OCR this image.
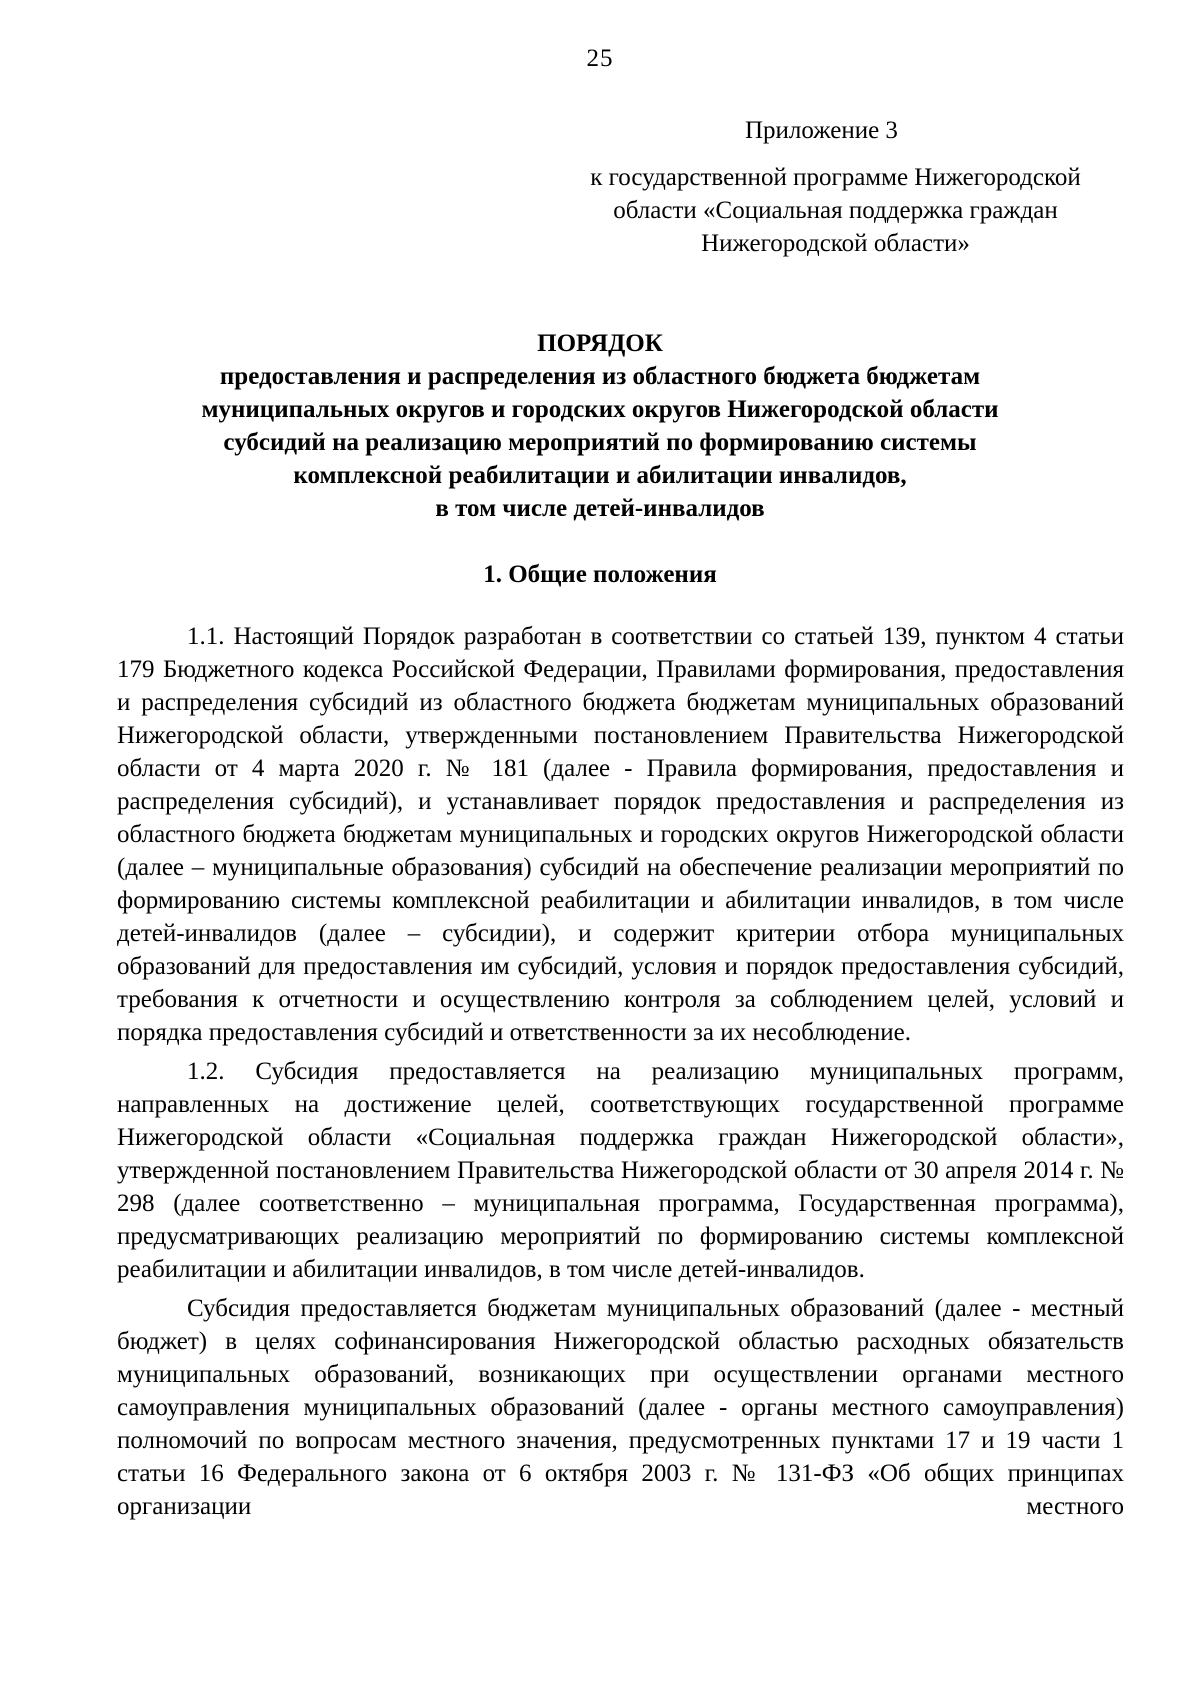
25
Приложение 3
к государственной программе Нижегородской
области «Социальная поддержка граждан
Нижегородской области»
ПОРЯДОК
предоставления и распределения из областного бюджета бюджетам
муниципальных округов и городских округов Нижегородской области
субсидий на реализацию мероприятий по формированию системы
комплексной реабилитации и абилитации инвалидов,
в том числе детей-инвалидов
1. Общие положения

1.1. Настоящий Порядок разработан в соответствии со статьей 139, пунктом 4 статьи 179 Бюджетного кодекса Российской Федерации, Правилами формирования, предоставления и распределения субсидий из областного бюджета бюджетам муниципальных образований Нижегородской области, утвержденными постановлением Правительства Нижегородской области от 4 марта 2020 г. № 181 (далее - Правила формирования, предоставления и распределения субсидий), и устанавливает порядок предоставления и распределения из областного бюджета бюджетам муниципальных и городских округов Нижегородской области (далее – муниципальные образования) субсидий на обеспечение реализации мероприятий по формированию системы комплексной реабилитации и абилитации инвалидов, в том числе детей-инвалидов (далее – субсидии), и содержит критерии отбора муниципальных образований для предоставления им субсидий, условия и порядок предоставления субсидий, требования к отчетности и осуществлению контроля за соблюдением целей, условий и порядка предоставления субсидий и ответственности за их несоблюдение.

1.2. Субсидия предоставляется на реализацию муниципальных программ, направленных на достижение целей, соответствующих государственной программе Нижегородской области «Социальная поддержка граждан Нижегородской области», утвержденной постановлением Правительства Нижегородской области от 30 апреля 2014 г. № 298 (далее соответственно – муниципальная программа, Государственная программа), предусматривающих реализацию мероприятий по формированию системы комплексной реабилитации и абилитации инвалидов, в том числе детей-инвалидов.

Субсидия предоставляется бюджетам муниципальных образований (далее - местный бюджет) в целях софинансирования Нижегородской областью расходных обязательств муниципальных образований, возникающих при осуществлении органами местного самоуправления муниципальных образований (далее - органы местного самоуправления) полномочий по вопросам местного значения, предусмотренных пунктами 17 и 19 части 1 статьи 16 Федерального закона от 6 октября 2003 г. № 131-ФЗ «Об общих принципах организации местного
